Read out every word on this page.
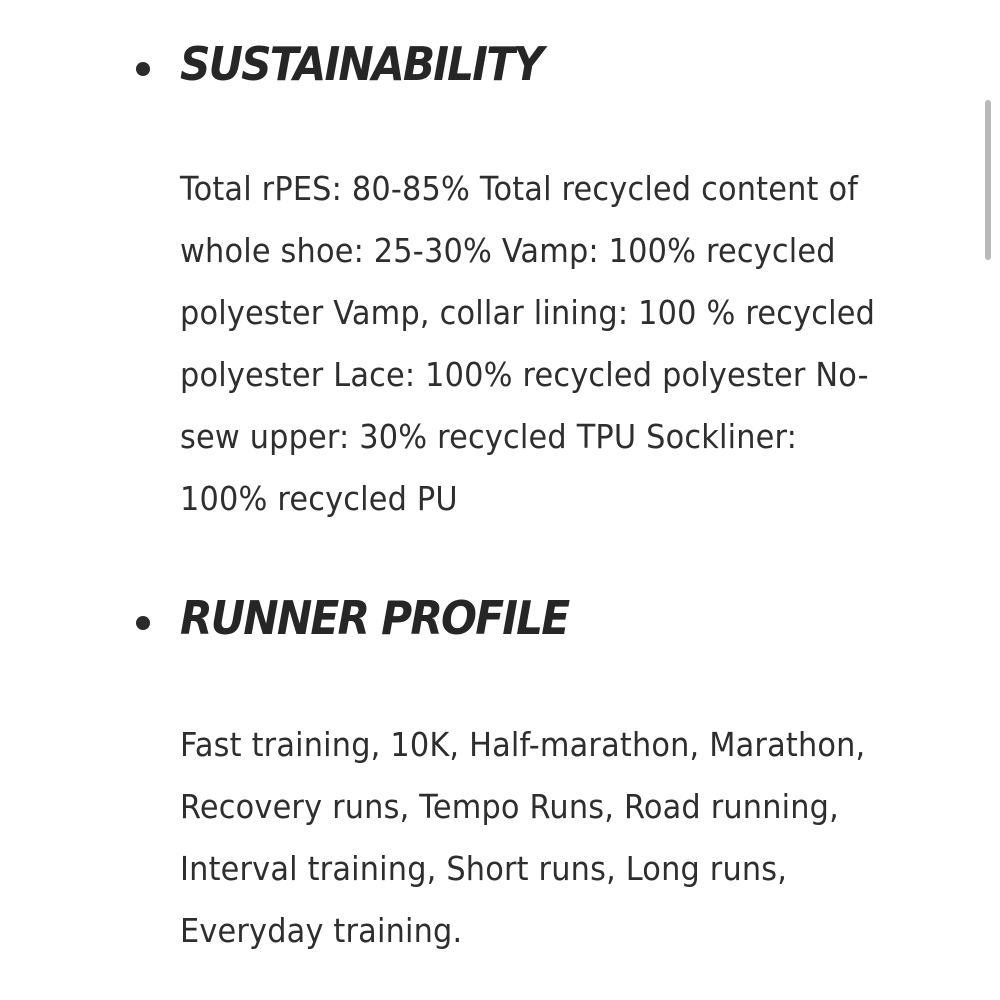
SUSTAINABILITY

Total rPES: 80-85% Total recycled content of
whole shoe: 25-30% Vamp: 100% recycled
polyester Vamp, collar lining: 100 % recycled
polyester Lace: 100% recycled polyester No-
sew upper: 30% recycled TPU Sockliner:
100% recycled PU

RUNNER PROFILE

Fast training, 10K, Half-marathon, Marathon,
Recovery runs, Tempo Runs, Road running,
Interval training, Short runs, Long runs,
Everyday training.
